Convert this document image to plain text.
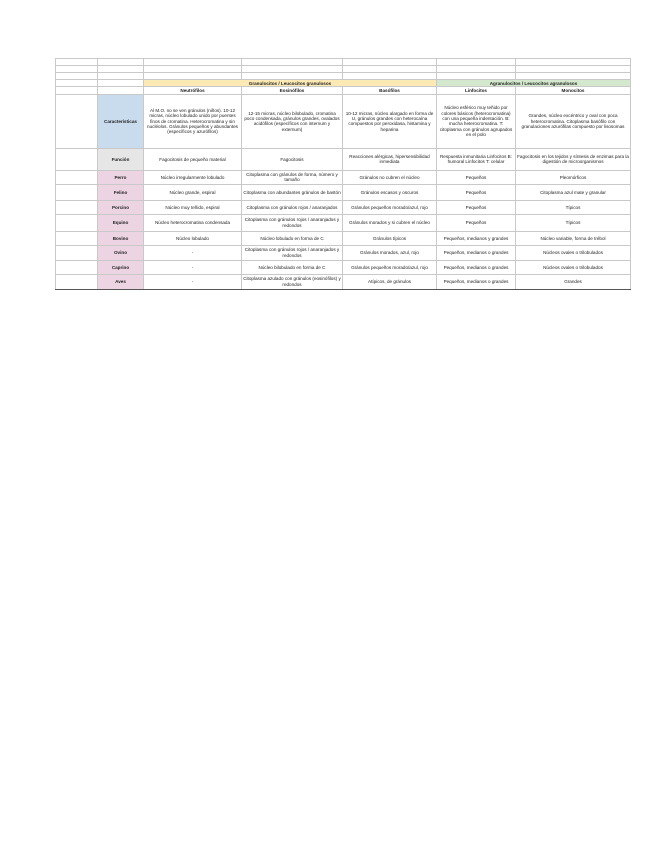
		Granulocitos / Leucocitos granulosos			Agranulocitos / Leucocitos agranulosos	
		Neutrófilos	Eosinófilos	Basófilos	Linfocitos	Monocitos
	Características	Al M.O. no se ven gránulos (niños). 10-12 micras, núcleo lobulado unido por puentes finos de cromatina. Heterocromatina y sin nucléolos. Gránulos pequeños y abundantes (específicos y azurófilos)	12-15 micras, núcleo bilobulado, cromatina poco condensada, gránulos grandes, ovalados acidófilos (específicos con internum y externum)	10-12 micras, núcleo alargado en forma de U, gránulos grandes con heterocaína compuestos por peroxidasa, histamina y heparina	Núcleo esférico muy teñido por colores básicos (heterocromatina) con una pequeña indentación. B: mucha heterocromatina. T: citoplasma con gránulos agrupados en el polo	Grandes, núcleo excéntrico y oval con poca heterocromatina. Citoplasma basófilo con granulaciones azurófilas compuesto por lisosomas
	Función	Fagocitosis de pequeño material	Fagocitosis	Reacciones alérgicas, hipersensibilidad inmediata	Respuesta inmunitaria Linfocitos B: humoral Linfocitos T: celular	Fagocitosis en los tejidos y síntesis de enzimas para la digestión de microorganismos
	Perro	Núcleo irregularmente lobulado	Citoplasma con gránulos de forma, número y tamaño	Gránulos no cubren el núcleo	Pequeños	Pleomórficos
	Felino	Núcleo grande, espiral	Citoplasma con abundantes gránulos de bastón	Gránulos escasos y oscuros	Pequeños	Citoplasma azul mate y granular
	Porcino	Núcleo muy teñido, espiral	Citoplasma con gránulos rojos / anaranjados	Gránulos pequeños morado/azul, rojo	Pequeños	Típicos
	Equino	Núcleo heterocromatina condensada	Citoplasma con gránulos rojos / anaranjados y redondos	Gránulos morados y si cubren el núcleo	Pequeños	Típicos
	Bovino	Núcleo lobulado	Núcleo lobulado en forma de C	Gránulos típicos	Pequeños, medianos y grandes	Núcleo variable, forma de trébol
	Ovino	-	Citoplasma con gránulos rojos / anaranjados y redondos	Gránulos morados, azul, rojo	Pequeños, medianos o grandes	Núcleos ovales o trilobulados
	Caprino	-	Núcleo bilobulado en forma de C	Gránulos pequeños morado/azul, rojo	Pequeños, medianos o grandes	Núcleos ovales o trilobulados
	Aves	-	Citoplasma azulado con gránulos (eosinófilos) y redondos	Atípicos, de gránulos	Pequeños, medianos o grandes	Grandes
